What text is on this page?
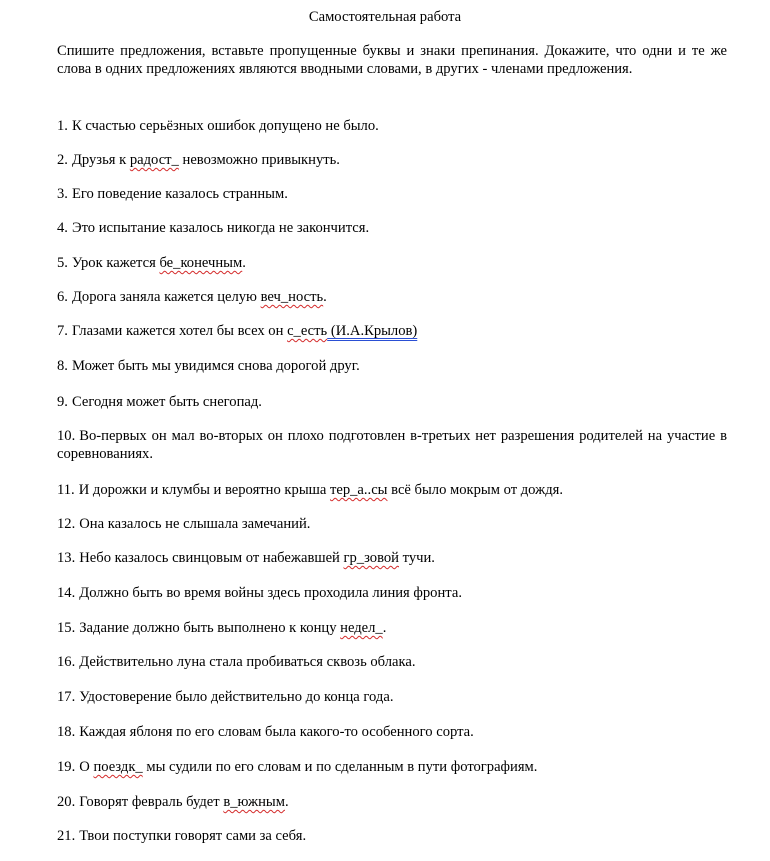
Самостоятельная работа

Спишите предложения, вставьте пропущенные буквы и знаки препинания. Докажите, что одни и те же слова в одних предложениях являются вводными словами, в других - членами предложения.

1. К счастью серьёзных ошибок допущено не было.
2. Друзья к радост_ невозможно привыкнуть.
3. Его поведение казалось странным.
4. Это испытание казалось никогда не закончится.
5. Урок кажется бе_конечным.
6. Дорога заняла кажется целую веч_ность.
7. Глазами кажется хотел бы всех он с_есть (И.А.Крылов)
8. Может быть мы увидимся снова дорогой друг.
9. Сегодня может быть снегопад.
10. Во-первых он мал во-вторых он плохо подготовлен в-третьих нет разрешения родителей на участие в соревнованиях.
11. И дорожки и клумбы и вероятно крыша тер_а..сы всё было мокрым от дождя.
12. Она казалось не слышала замечаний.
13. Небо казалось свинцовым от набежавшей гр_зовой тучи.
14. Должно быть во время войны здесь проходила линия фронта.
15. Задание должно быть выполнено к концу недел_.
16. Действительно луна стала пробиваться сквозь облака.
17. Удостоверение было действительно до конца года.
18. Каждая яблоня по его словам была какого-то особенного сорта.
19. О поездк_ мы судили по его словам и по сделанным в пути фотографиям.
20. Говорят февраль будет в_южным.
21. Твои поступки говорят сами за себя.
